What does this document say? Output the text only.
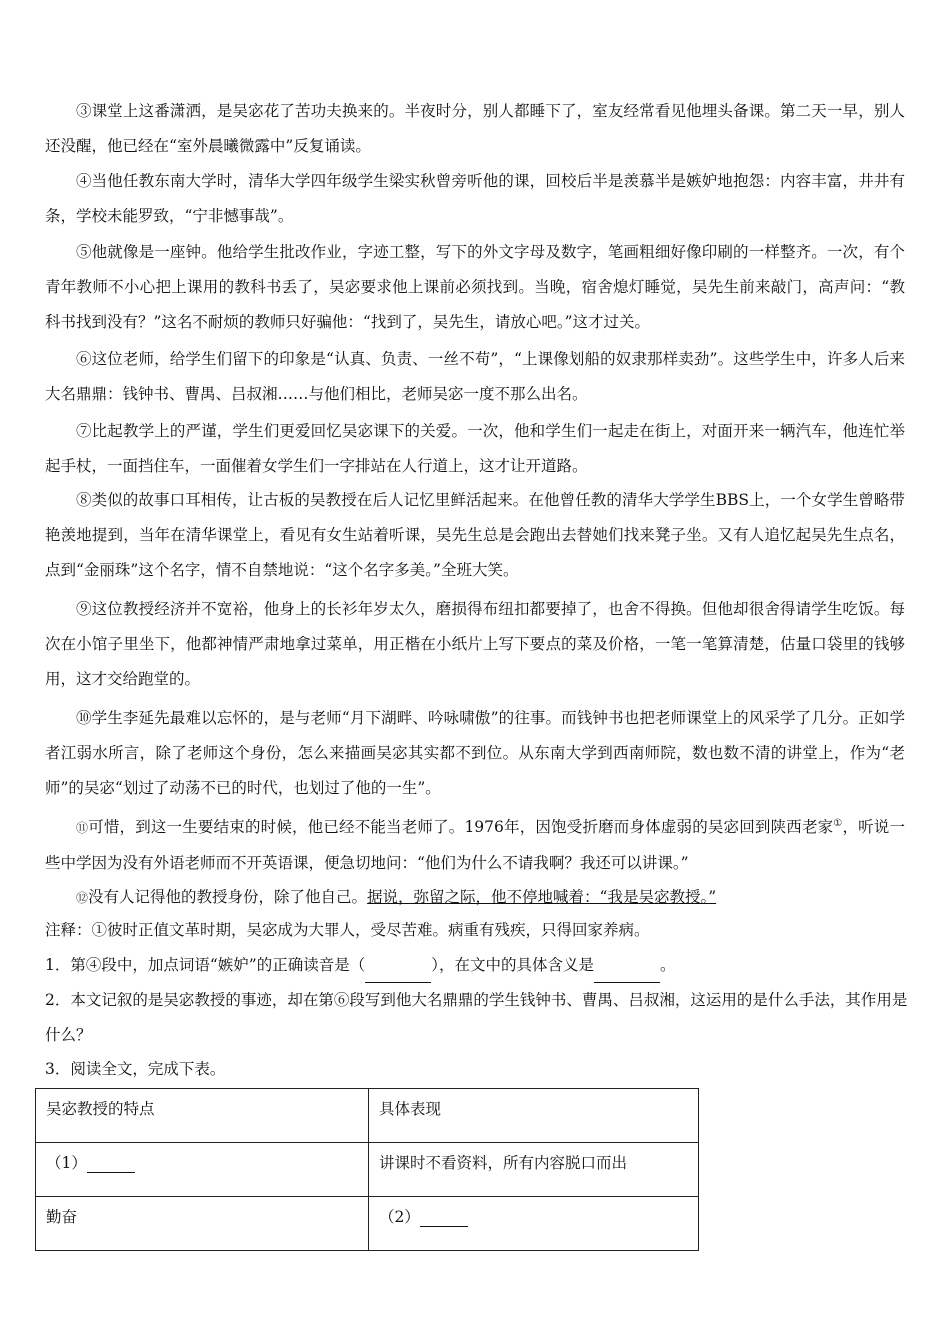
③课堂上这番潇洒，是吴宓花了苦功夫换来的。半夜时分，别人都睡下了，室友经常看见他埋头备课。第二天一早，别人还没醒，他已经在“室外晨曦微露中”反复诵读。

④当他任教东南大学时，清华大学四年级学生梁实秋曾旁听他的课，回校后半是羡慕半是嫉妒地抱怨：内容丰富，井井有条，学校未能罗致，“宁非憾事哉”。

⑤他就像是一座钟。他给学生批改作业，字迹工整，写下的外文字母及数字，笔画粗细好像印刷的一样整齐。一次，有个青年教师不小心把上课用的教科书丢了，吴宓要求他上课前必须找到。当晚，宿舍熄灯睡觉，吴先生前来敲门，高声问：“教科书找到没有？”这名不耐烦的教师只好骗他：“找到了，吴先生，请放心吧。”这才过关。

⑥这位老师，给学生们留下的印象是“认真、负责、一丝不苟”，“上课像划船的奴隶那样卖劲”。这些学生中，许多人后来大名鼎鼎：钱钟书、曹禺、吕叔湘……与他们相比，老师吴宓一度不那么出名。

⑦比起教学上的严谨，学生们更爱回忆吴宓课下的关爱。一次，他和学生们一起走在街上，对面开来一辆汽车，他连忙举起手杖，一面挡住车，一面催着女学生们一字排站在人行道上，这才让开道路。

⑧类似的故事口耳相传，让古板的吴教授在后人记忆里鲜活起来。在他曾任教的清华大学学生BBS上，一个女学生曾略带艳羡地提到，当年在清华课堂上，看见有女生站着听课，吴先生总是会跑出去替她们找来凳子坐。又有人追忆起吴先生点名，点到“金丽珠”这个名字，情不自禁地说：“这个名字多美。”全班大笑。

⑨这位教授经济并不宽裕，他身上的长衫年岁太久，磨损得布纽扣都要掉了，也舍不得换。但他却很舍得请学生吃饭。每次在小馆子里坐下，他都神情严肃地拿过菜单，用正楷在小纸片上写下要点的菜及价格，一笔一笔算清楚，估量口袋里的钱够用，这才交给跑堂的。

⑩学生李延先最难以忘怀的，是与老师“月下湖畔、吟咏啸傲”的往事。而钱钟书也把老师课堂上的风采学了几分。正如学者江弱水所言，除了老师这个身份，怎么来描画吴宓其实都不到位。从东南大学到西南师院，数也数不清的讲堂上，作为“老师”的吴宓“划过了动荡不已的时代，也划过了他的一生”。

⑪可惜，到这一生要结束的时候，他已经不能当老师了。1976年，因饱受折磨而身体虚弱的吴宓回到陕西老家①，听说一些中学因为没有外语老师而不开英语课，便急切地问：“他们为什么不请我啊？我还可以讲课。”

⑫没有人记得他的教授身份，除了他自己。据说，弥留之际，他不停地喊着：“我是吴宓教授。”

注释：①彼时正值文革时期，吴宓成为大罪人，受尽苦难。病重有残疾，只得回家养病。

1．第④段中，加点词语“嫉妒”的正确读音是（	），在文中的具体含义是	。

2．本文记叙的是吴宓教授的事迹，却在第⑥段写到他大名鼎鼎的学生钱钟书、曹禺、吕叔湘，这运用的是什么手法，其作用是什么？

3．阅读全文，完成下表。

吴宓教授的特点	具体表现
（1）	讲课时不看资料，所有内容脱口而出
勤奋	（2）
